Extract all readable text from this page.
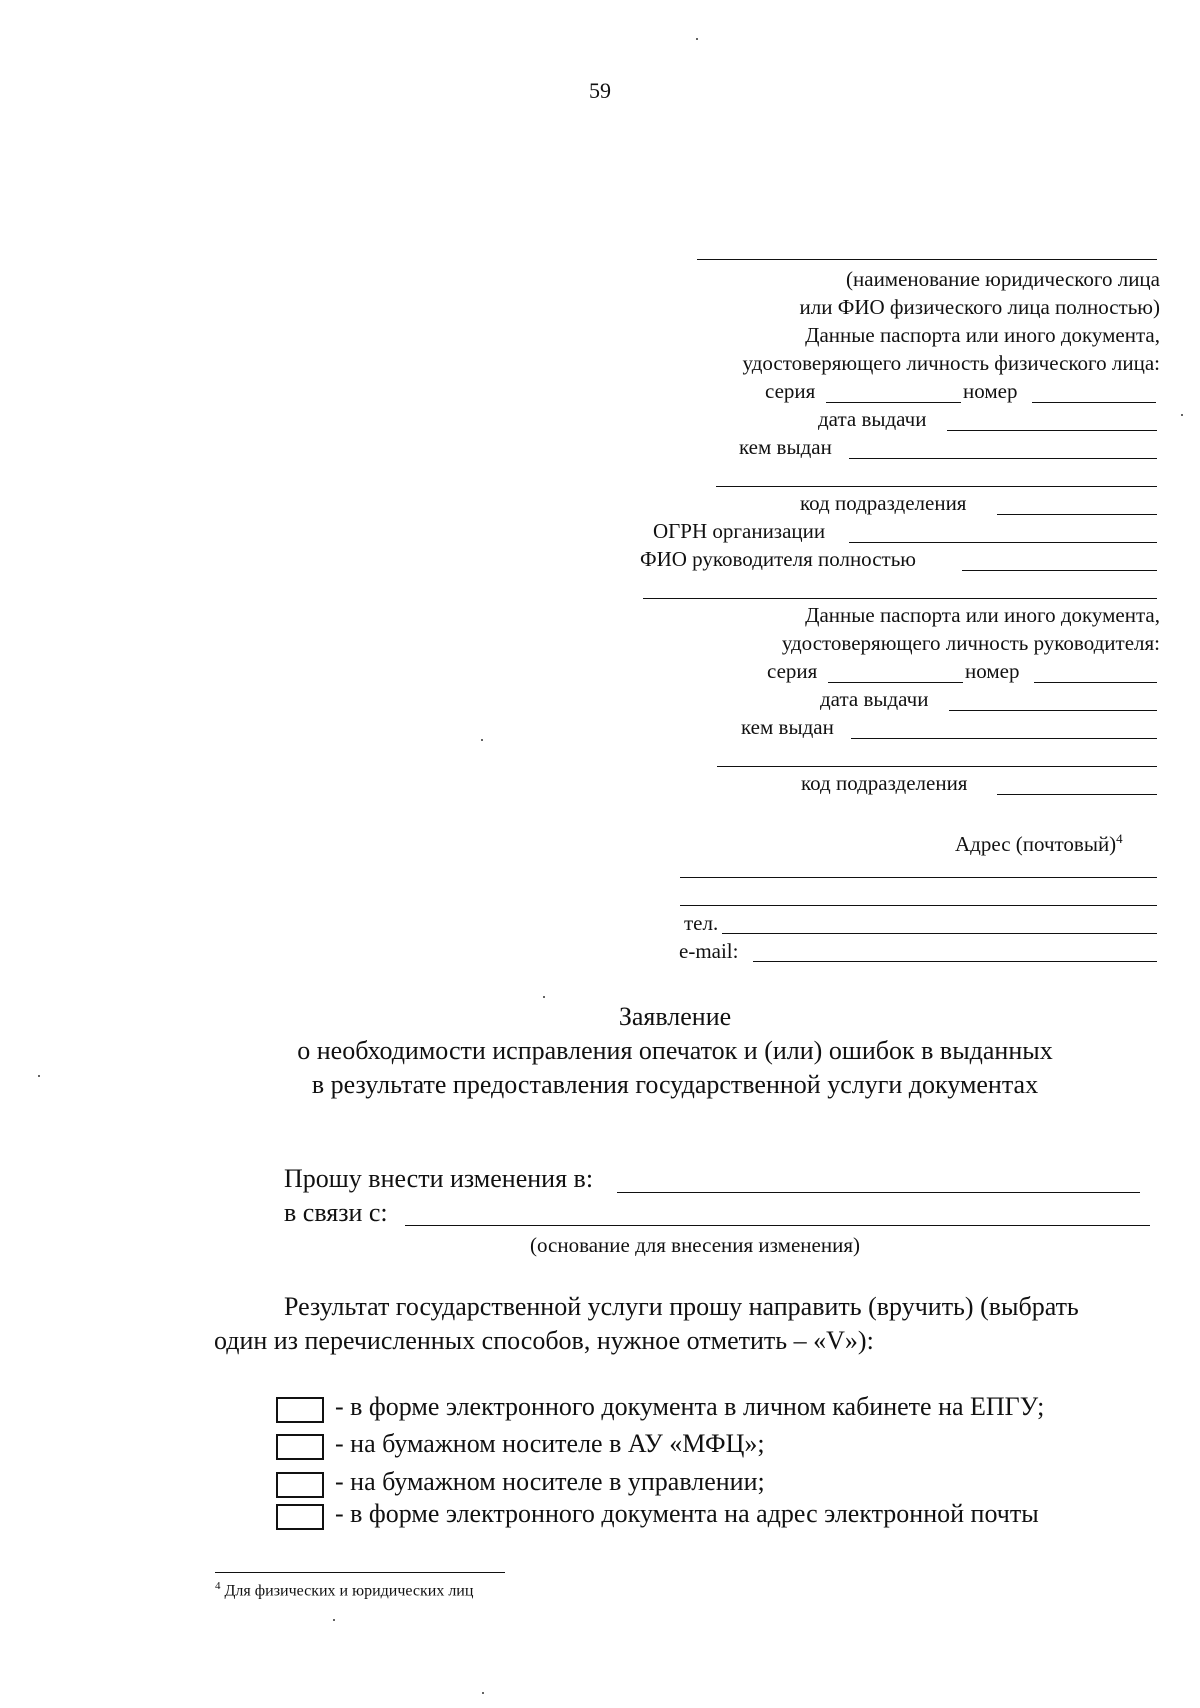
59
(наименование юридического лица
или ФИО физического лица полностью)
Данные паспорта или иного документа,
удостоверяющего личность физического лица:
серия	номер
дата выдачи
кем выдан
код подразделения
ОГРН организации
ФИО руководителя полностью
Данные паспорта или иного документа,
удостоверяющего личность руководителя:
серия	номер
дата выдачи
кем выдан
код подразделения
Адрес (почтовый)$^4$
тел.
e-mail:
Заявление
о необходимости исправления опечаток и (или) ошибок в выданных
в результате предоставления государственной услуги документах
Прошу внести изменения в:
в связи с:
(основание для внесения изменения)
Результат государственной услуги прошу направить (вручить) (выбрать
один из перечисленных способов, нужное отметить – «V»):
- в форме электронного документа в личном кабинете на ЕПГУ;
- на бумажном носителе в АУ «МФЦ»;
- на бумажном носителе в управлении;
- в форме электронного документа на адрес электронной почты
$^4$ Для физических и юридических лиц
